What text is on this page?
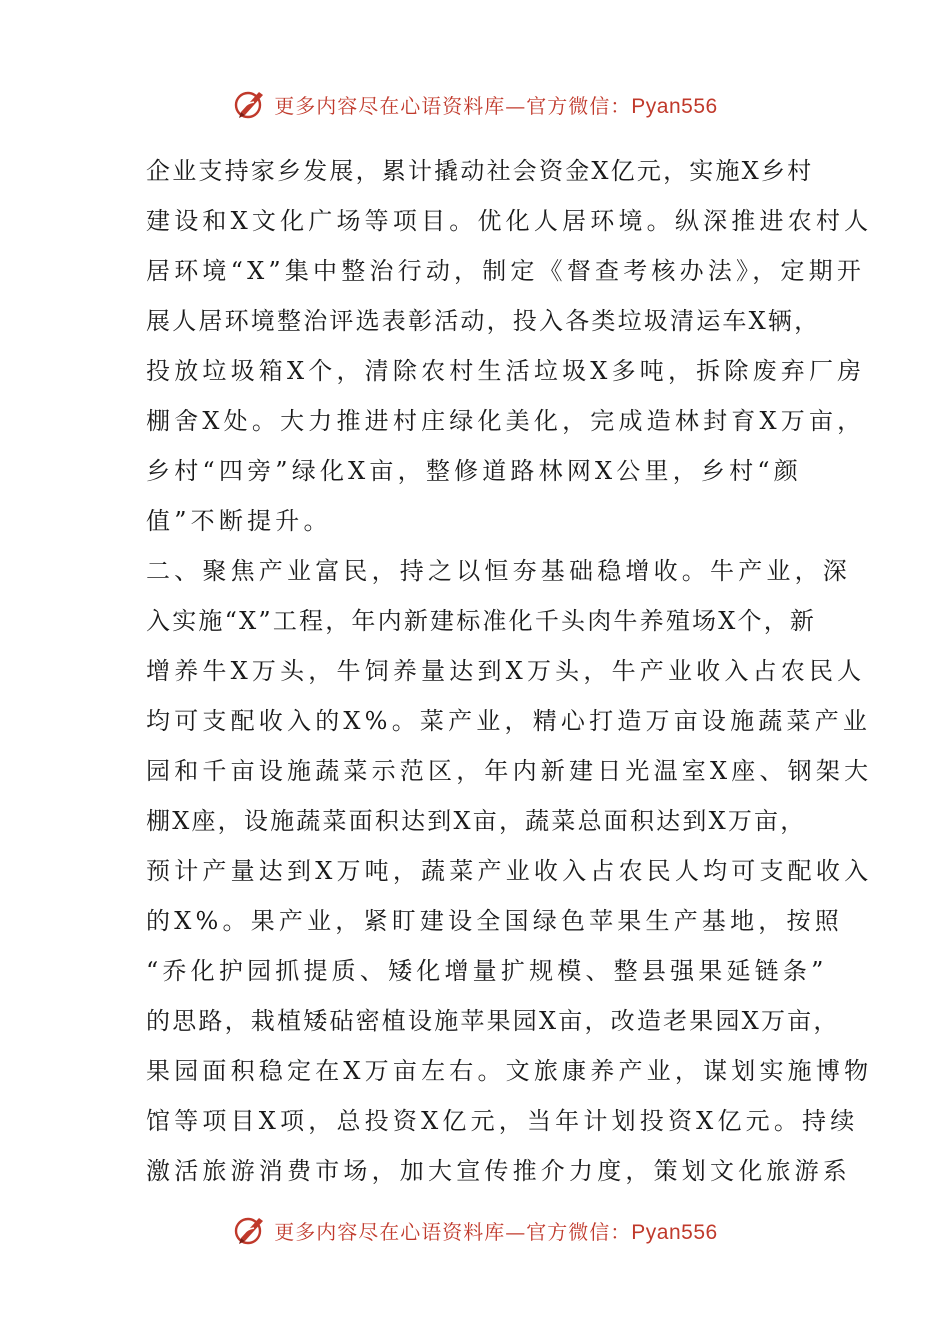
更多内容尽在心语资料库—官方微信：Pyan556
企业支持家乡发展，累计撬动社会资金X亿元，实施X乡村
建设和X文化广场等项目。优化人居环境。纵深推进农村人
居环境“X”集中整治行动，制定《督查考核办法》，定期开
展人居环境整治评选表彰活动，投入各类垃圾清运车X辆，
投放垃圾箱X个，清除农村生活垃圾X多吨，拆除废弃厂房
棚舍X处。大力推进村庄绿化美化，完成造林封育X万亩，
乡村“四旁”绿化X亩，整修道路林网X公里，乡村“颜
值”不断提升。
二、聚焦产业富民，持之以恒夯基础稳增收。牛产业，深
入实施“X”工程，年内新建标准化千头肉牛养殖场X个，新
增养牛X万头，牛饲养量达到X万头，牛产业收入占农民人
均可支配收入的X%。菜产业，精心打造万亩设施蔬菜产业
园和千亩设施蔬菜示范区，年内新建日光温室X座、钢架大
棚X座，设施蔬菜面积达到X亩，蔬菜总面积达到X万亩，
预计产量达到X万吨，蔬菜产业收入占农民人均可支配收入
的X%。果产业，紧盯建设全国绿色苹果生产基地，按照
“乔化护园抓提质、矮化增量扩规模、整县强果延链条”
的思路，栽植矮砧密植设施苹果园X亩，改造老果园X万亩，
果园面积稳定在X万亩左右。文旅康养产业，谋划实施博物
馆等项目X项，总投资X亿元，当年计划投资X亿元。持续
激活旅游消费市场，加大宣传推介力度，策划文化旅游系
更多内容尽在心语资料库—官方微信：Pyan556
